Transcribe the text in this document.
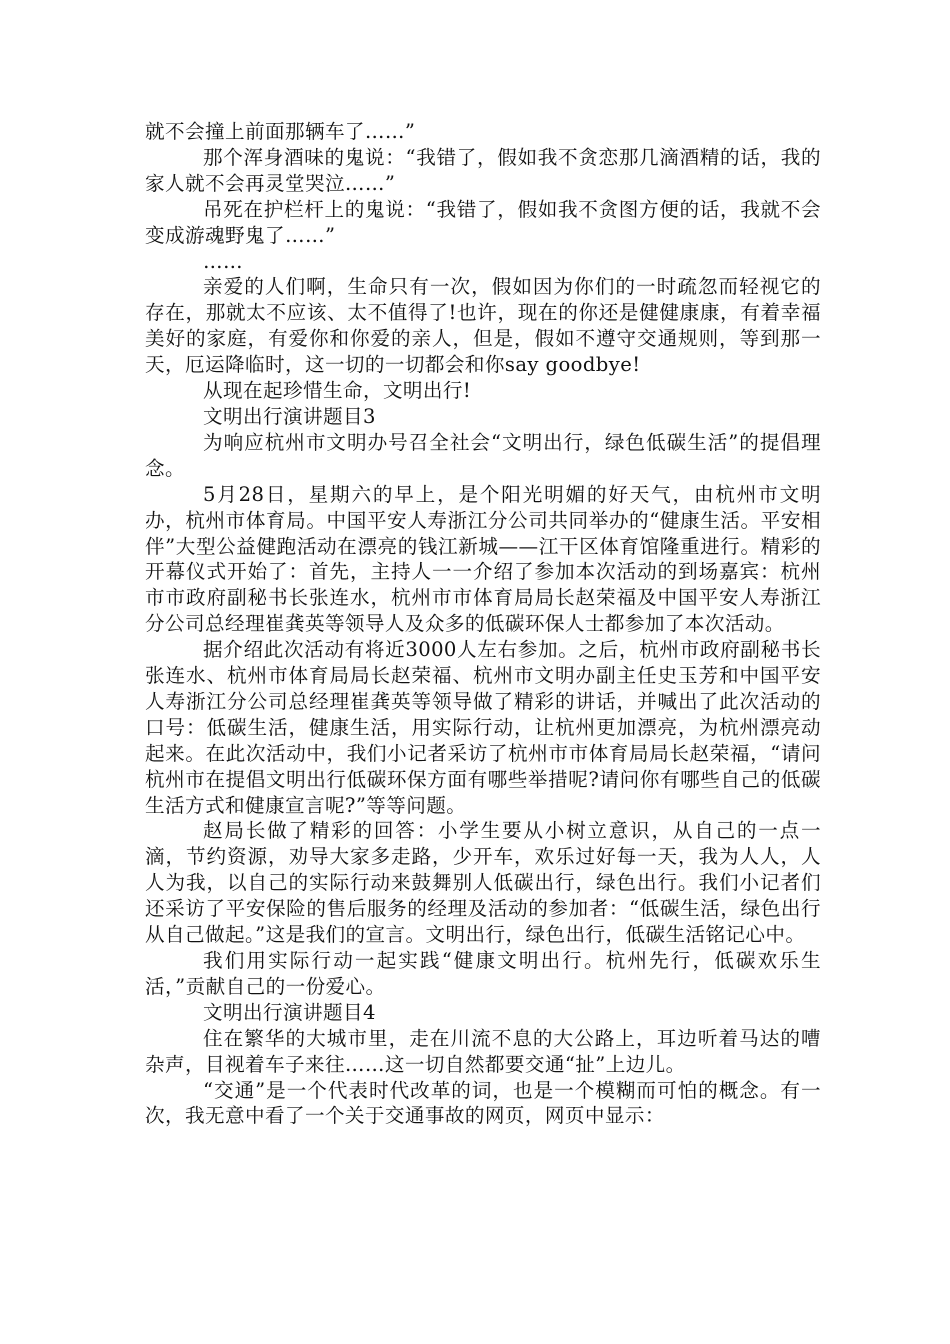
就不会撞上前面那辆车了……”

那个浑身酒味的鬼说：“我错了，假如我不贪恋那几滴酒精的话，我的家人就不会再灵堂哭泣……”

吊死在护栏杆上的鬼说：“我错了，假如我不贪图方便的话，我就不会变成游魂野鬼了……”

……

亲爱的人们啊，生命只有一次，假如因为你们的一时疏忽而轻视它的存在，那就太不应该、太不值得了!也许，现在的你还是健健康康，有着幸福美好的家庭，有爱你和你爱的亲人，但是，假如不遵守交通规则，等到那一天，厄运降临时，这一切的一切都会和你say goodbye!

从现在起珍惜生命，文明出行!

文明出行演讲题目3

为响应杭州市文明办号召全社会“文明出行，绿色低碳生活”的提倡理念。

5月28日，星期六的早上，是个阳光明媚的好天气，由杭州市文明办，杭州市体育局。中国平安人寿浙江分公司共同举办的“健康生活。平安相伴”大型公益健跑活动在漂亮的钱江新城——江干区体育馆隆重进行。精彩的开幕仪式开始了：首先，主持人一一介绍了参加本次活动的到场嘉宾：杭州市市政府副秘书长张连水，杭州市市体育局局长赵荣福及中国平安人寿浙江分公司总经理崔龚英等领导人及众多的低碳环保人士都参加了本次活动。

据介绍此次活动有将近3000人左右参加。之后，杭州市政府副秘书长张连水、杭州市体育局局长赵荣福、杭州市文明办副主任史玉芳和中国平安人寿浙江分公司总经理崔龚英等领导做了精彩的讲话，并喊出了此次活动的口号：低碳生活，健康生活，用实际行动，让杭州更加漂亮，为杭州漂亮动起来。在此次活动中，我们小记者采访了杭州市市体育局局长赵荣福，“请问杭州市在提倡文明出行低碳环保方面有哪些举措呢?请问你有哪些自己的低碳生活方式和健康宣言呢?”等等问题。

赵局长做了精彩的回答：小学生要从小树立意识，从自己的一点一滴，节约资源，劝导大家多走路，少开车，欢乐过好每一天，我为人人，人人为我，以自己的实际行动来鼓舞别人低碳出行，绿色出行。我们小记者们还采访了平安保险的售后服务的经理及活动的参加者：“低碳生活，绿色出行从自己做起。”这是我们的宣言。文明出行，绿色出行，低碳生活铭记心中。

我们用实际行动一起实践“健康文明出行。杭州先行，低碳欢乐生活，”贡献自己的一份爱心。

文明出行演讲题目4

住在繁华的大城市里，走在川流不息的大公路上，耳边听着马达的嘈杂声，目视着车子来往……这一切自然都要交通“扯”上边儿。

“交通”是一个代表时代改革的词，也是一个模糊而可怕的概念。有一次，我无意中看了一个关于交通事故的网页，网页中显示：
